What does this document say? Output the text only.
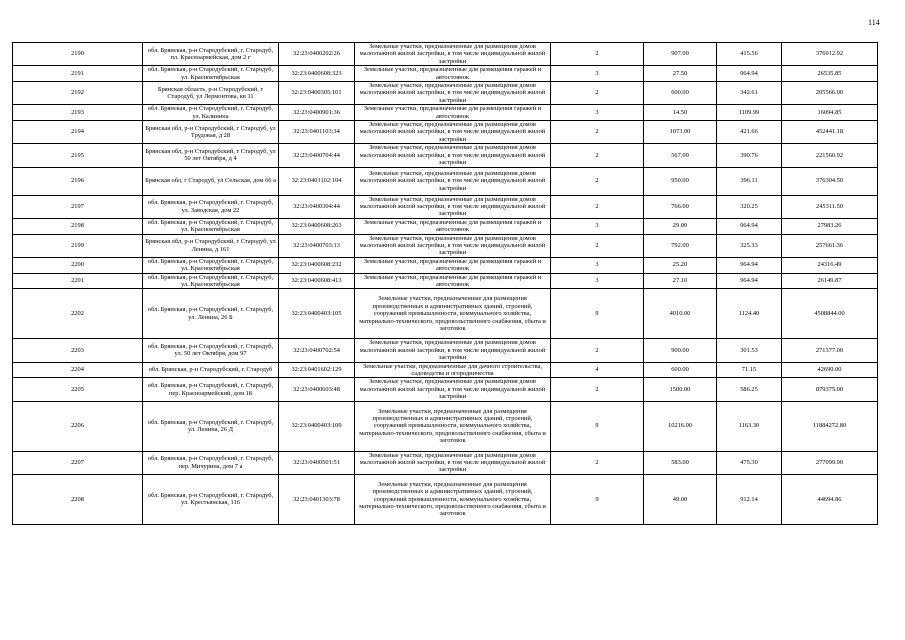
114
2190	обл. Брянская, р-н Стародубский, г. Стародуб, пл. Красноармейская, дом 2 г	32:23:0400202:26	Земельные участки, предназначенные для размещения домов малоэтажной жилой застройки, в том числе индивидуальной жилой застройки	2	907.00	415.56	376912.92
2191	обл. Брянская, р-н Стародубский, г. Стародуб, ул. Красноктябрьская	32:23:0400608:323	Земельные участки, предназначенные для размещения гаражей и автостоянок	3	27.50	964.94	26535.85
2192	Брянская область, р-н Стародубский, г Стародуб, ул Лермонтова, кв 11	32:23:0400305:101	Земельные участки, предназначенные для размещения домов малоэтажной жилой застройки, в том числе индивидуальной жилой застройки	2	600.00	342.61	205566.00
2193	обл. Брянская, р-н Стародубский, г. Стародуб, ул. Калинина	32:23:0400901:36	Земельные участки, предназначенные для размещения гаражей и автостоянок	3	14.50	1109.99	16094.85
2194	Брянская обл, р-н Стародубский, г Стародуб, ул Трудовая, д 28	32:23:0401103:34	Земельные участки, предназначенные для размещения домов малоэтажной жилой застройки, в том числе индивидуальной жилой застройки	2	1073.00	421.66	452441.18
2195	Брянская обл, р-н Стародубский, г Стародуб, ул 50 лет Октября, д 4	32:23:0400704:44	Земельные участки, предназначенные для размещения домов малоэтажной жилой застройки, в том числе индивидуальной жилой застройки	2	567.00	390.76	221560.92
2196	Брянская обл, г Стародуб, ул Сельская, дом 66 а	32:23:0401102:104	Земельные участки, предназначенные для размещения домов малоэтажной жилой застройки, в том числе индивидуальной жилой застройки	2	950.00	396.11	376304.50
2197	обл. Брянская, р-н Стародубский, г. Стародуб, ул. Заводская, дом 22	32:23:0400304:44	Земельные участки, предназначенные для размещения домов малоэтажной жилой застройки, в том числе индивидуальной жилой застройки	2	766.00	320.25	245311.50
2198	обл. Брянская, р-н Стародубский, г. Стародуб, ул. Красноктябрьская	32:23:0400608:263	Земельные участки, предназначенные для размещения гаражей и автостоянок	3	29.00	964.94	27983.26
2199	Брянская обл, р-н Стародубский, г Стародуб, ул Ленина, д 161	32:23:0400703:13	Земельные участки, предназначенные для размещения домов малоэтажной жилой застройки, в том числе индивидуальной жилой застройки	2	792.00	325.33	257661.36
2200	обл. Брянская, р-н Стародубский, г. Стародуб, ул. Красноктябрьская	32:23:0400608:232	Земельные участки, предназначенные для размещения гаражей и автостоянок	3	25.20	964.94	24316.49
2201	обл. Брянская, р-н Стародубский, г. Стародуб, ул. Красноктябрьская	32:23:0400608:413	Земельные участки, предназначенные для размещения гаражей и автостоянок	3	27.10	964.94	26149.87
2202	обл. Брянская, р-н Стародубский, г. Стародуб, ул. Ленина, 26 Б	32:23:0400403:105	Земельные участки, предназначенные для размещения производственных и административных зданий, строений, сооружений промышленности, коммунального хозяйства, материально-технического, продовольственного снабжения, сбыта и заготовок	9	4010.00	1124.40	4508844.00
2203	обл. Брянская, р-н Стародубский, г. Стародуб, ул. 50 лет Октября, дом 97	32:23:0400702:54	Земельные участки, предназначенные для размещения домов малоэтажной жилой застройки, в том числе индивидуальной жилой застройки	2	900.00	301.53	271377.00
2204	обл. Брянская, р-н Стародубский, г. Стародуб	32:23:0401602:129	Земельные участки, предназначенные для дачного строительства, садоводства и огородничества	4	600.00	71.15	42690.00
2205	обл. Брянская, р-н Стародубский, г. Стародуб, пер. Красноармейский, дом 18	32:23:0400603:48	Земельные участки, предназначенные для размещения домов малоэтажной жилой застройки, в том числе индивидуальной жилой застройки	2	1500.00	586.25	879375.00
2206	обл. Брянская, р-н Стародубский, г. Стародуб, ул. Ленина, 26 Д	32:23:0400403:109	Земельные участки, предназначенные для размещения производственных и административных зданий, строений, сооружений промышленности, коммунального хозяйства, материально-технического, продовольственного снабжения, сбыта и заготовок	9	10216.00	1163.30	11884272.80
2207	обл. Брянская, р-н Стародубский, г. Стародуб, пер. Мичурина, дом 7 а	32:23:0400501:51	Земельные участки, предназначенные для размещения домов малоэтажной жилой застройки, в том числе индивидуальной жилой застройки	2	583.00	475.30	277099.90
2208	обл. Брянская, р-н Стародубский, г. Стародуб, ул. Крестьянская, 116	32:23:0401303:78	Земельные участки, предназначенные для размещения производственных и административных зданий, строений, сооружений промышленности, коммунального хозяйства, материально-технического, продовольственного снабжения, сбыта и заготовок	9	49.00	912.14	44694.86
